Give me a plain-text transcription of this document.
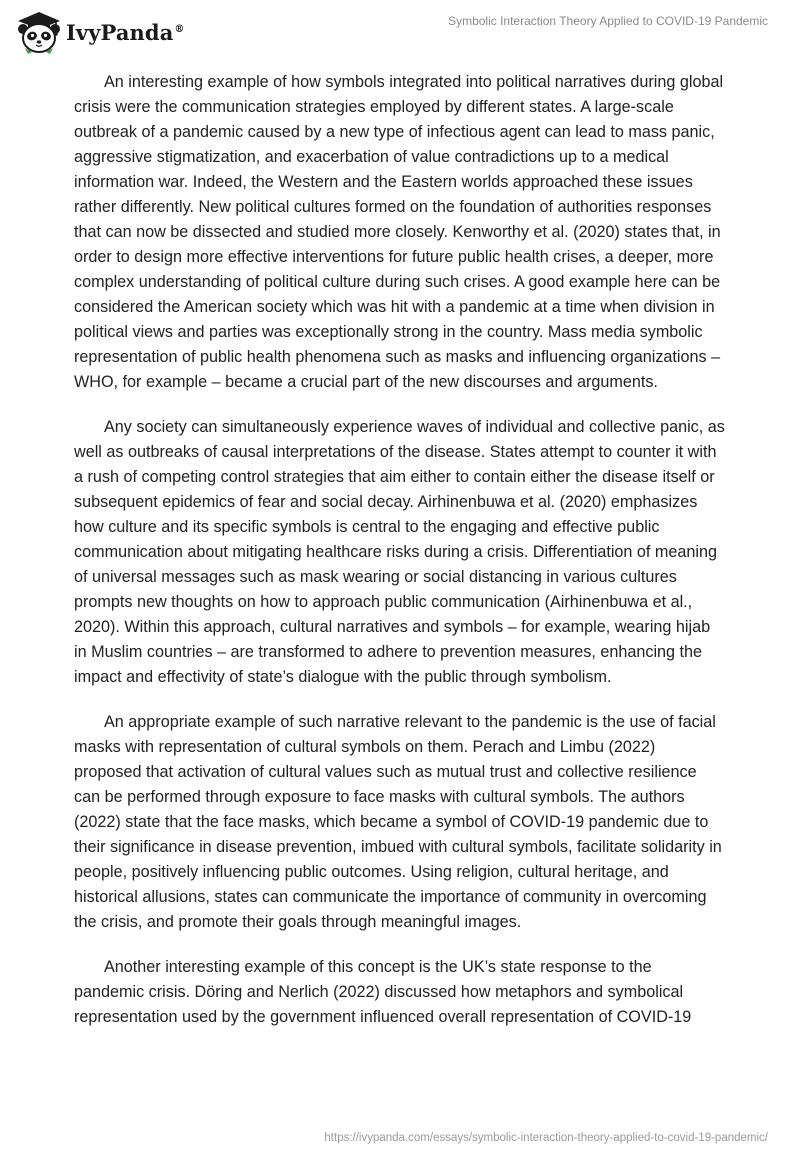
IvyPanda®
Symbolic Interaction Theory Applied to COVID-19 Pandemic

An interesting example of how symbols integrated into political narratives during global crisis were the communication strategies employed by different states. A large-scale outbreak of a pandemic caused by a new type of infectious agent can lead to mass panic, aggressive stigmatization, and exacerbation of value contradictions up to a medical information war. Indeed, the Western and the Eastern worlds approached these issues rather differently. New political cultures formed on the foundation of authorities responses that can now be dissected and studied more closely. Kenworthy et al. (2020) states that, in order to design more effective interventions for future public health crises, a deeper, more complex understanding of political culture during such crises. A good example here can be considered the American society which was hit with a pandemic at a time when division in political views and parties was exceptionally strong in the country. Mass media symbolic representation of public health phenomena such as masks and influencing organizations – WHO, for example – became a crucial part of the new discourses and arguments.

Any society can simultaneously experience waves of individual and collective panic, as well as outbreaks of causal interpretations of the disease. States attempt to counter it with a rush of competing control strategies that aim either to contain either the disease itself or subsequent epidemics of fear and social decay. Airhinenbuwa et al. (2020) emphasizes how culture and its specific symbols is central to the engaging and effective public communication about mitigating healthcare risks during a crisis. Differentiation of meaning of universal messages such as mask wearing or social distancing in various cultures prompts new thoughts on how to approach public communication (Airhinenbuwa et al., 2020). Within this approach, cultural narratives and symbols – for example, wearing hijab in Muslim countries – are transformed to adhere to prevention measures, enhancing the impact and effectivity of state’s dialogue with the public through symbolism.

An appropriate example of such narrative relevant to the pandemic is the use of facial masks with representation of cultural symbols on them. Perach and Limbu (2022) proposed that activation of cultural values such as mutual trust and collective resilience can be performed through exposure to face masks with cultural symbols. The authors (2022) state that the face masks, which became a symbol of COVID-19 pandemic due to their significance in disease prevention, imbued with cultural symbols, facilitate solidarity in people, positively influencing public outcomes. Using religion, cultural heritage, and historical allusions, states can communicate the importance of community in overcoming the crisis, and promote their goals through meaningful images.

Another interesting example of this concept is the UK’s state response to the pandemic crisis. Döring and Nerlich (2022) discussed how metaphors and symbolical representation used by the government influenced overall representation of COVID-19

https://ivypanda.com/essays/symbolic-interaction-theory-applied-to-covid-19-pandemic/
